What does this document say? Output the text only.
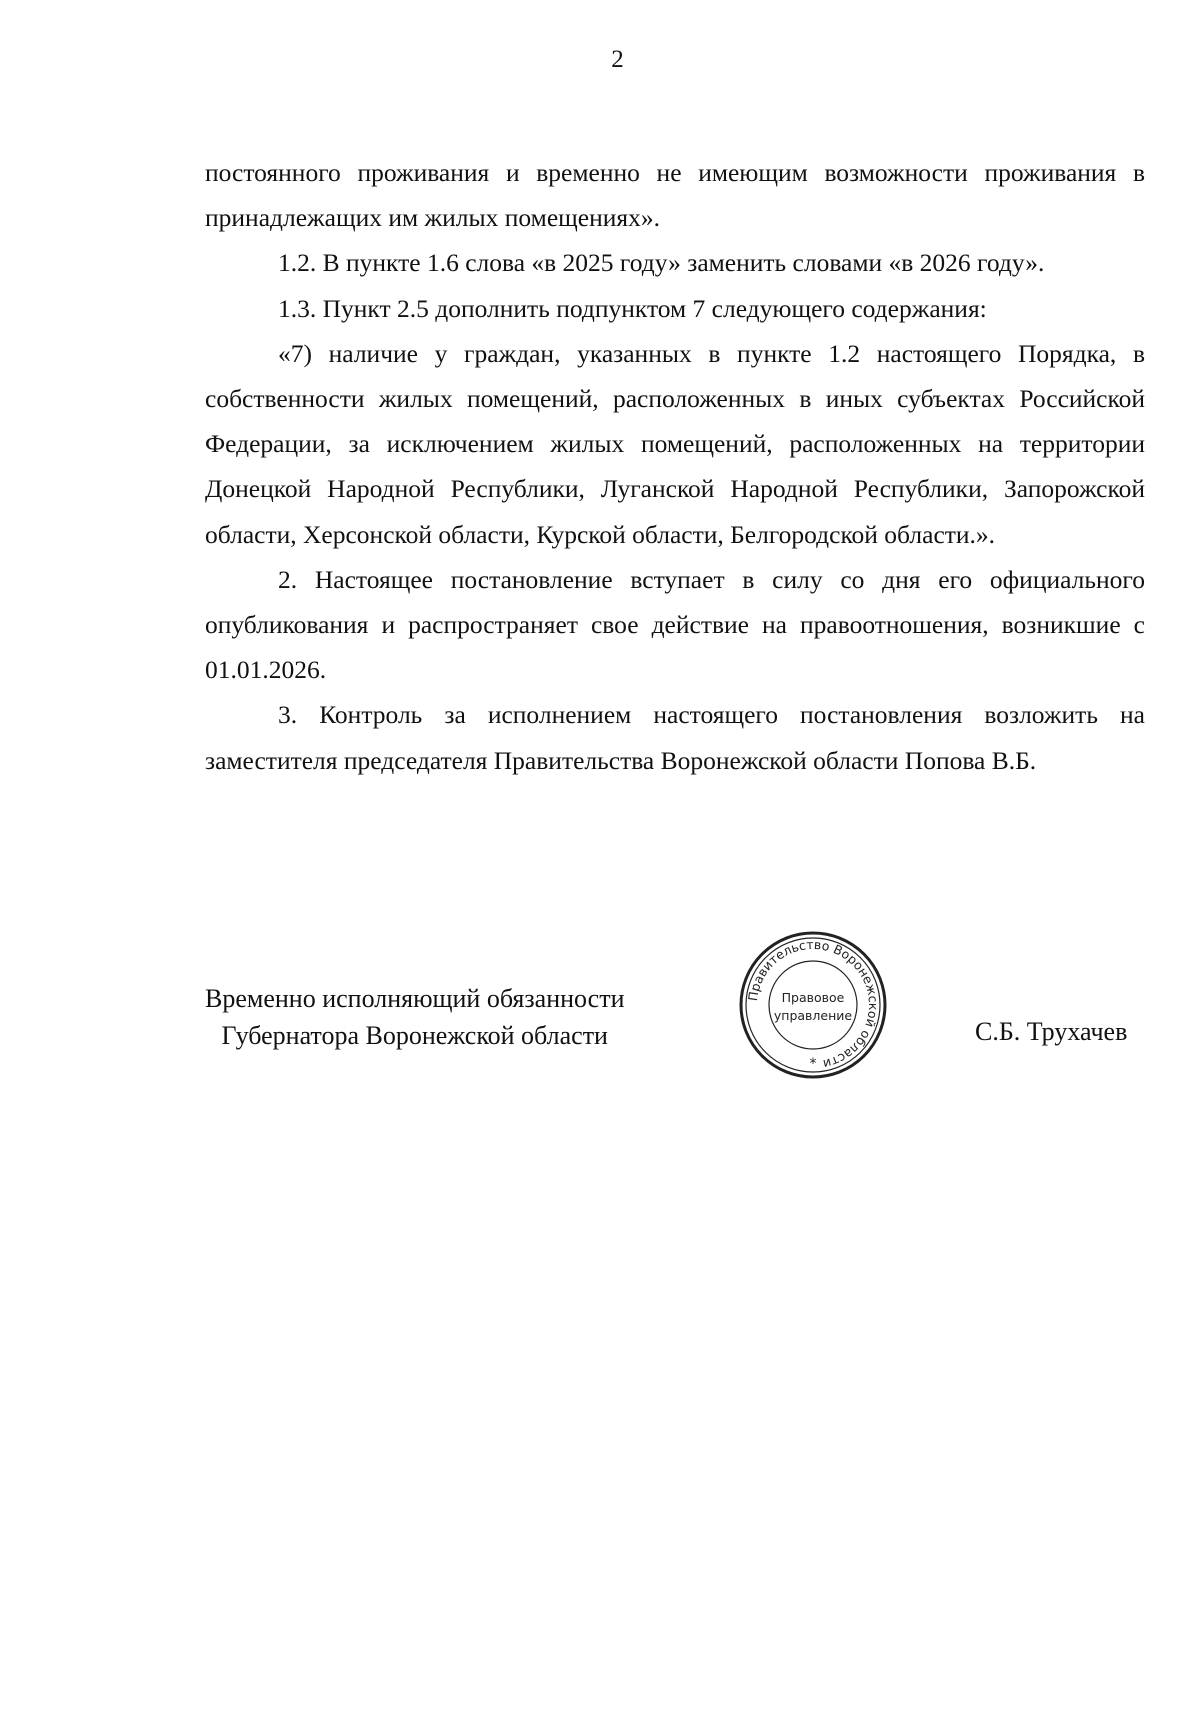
2

постоянного проживания и временно не имеющим возможности проживания в принадлежащих им жилых помещениях».

1.2. В пункте 1.6 слова «в 2025 году» заменить словами «в 2026 году».

1.3. Пункт 2.5 дополнить подпунктом 7 следующего содержания:

«7) наличие у граждан, указанных в пункте 1.2 настоящего Порядка, в собственности жилых помещений, расположенных в иных субъектах Российской Федерации, за исключением жилых помещений, расположенных на территории Донецкой Народной Республики, Луганской Народной Республики, Запорожской области, Херсонской области, Курской области, Белгородской области.».

2. Настоящее постановление вступает в силу со дня его официального опубликования и распространяет свое действие на правоотношения, возникшие с 01.01.2026.

3. Контроль за исполнением настоящего постановления возложить на заместителя председателя Правительства Воронежской области Попова В.Б.

Временно исполняющий обязанности
Губернатора Воронежской области
Правительство Воронежской области
Правовое
управление
*
С.Б. Трухачев
